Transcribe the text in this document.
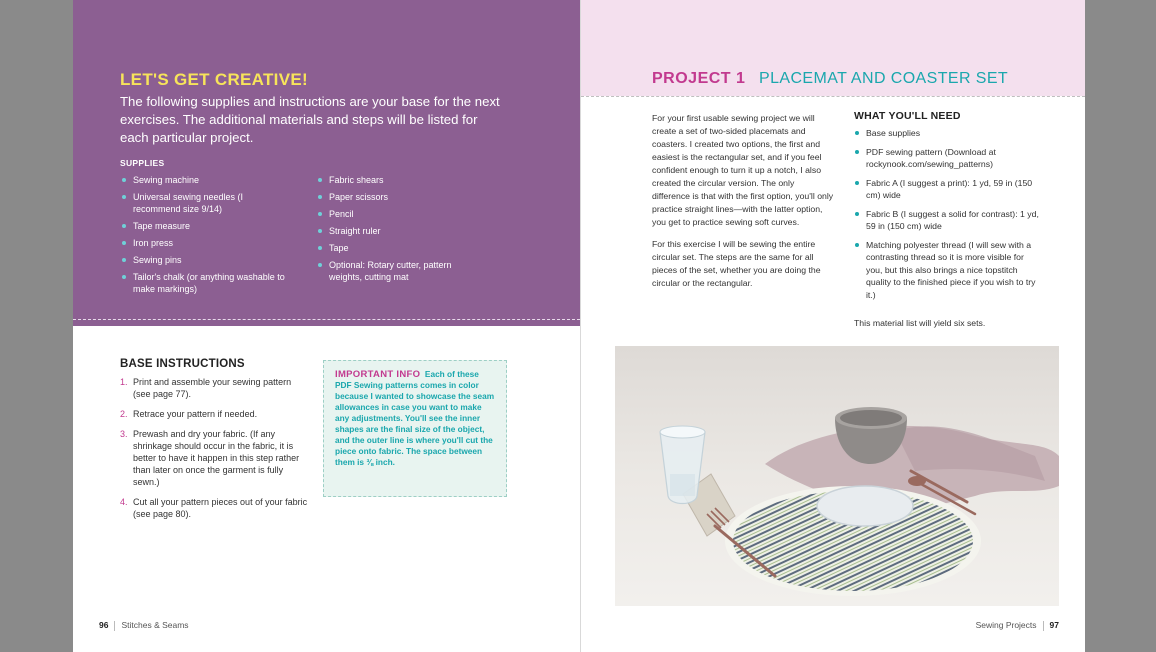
LET'S GET CREATIVE!
The following supplies and instructions are your base for the next exercises. The additional materials and steps will be listed for each particular project.
SUPPLIES
Sewing machine
Universal sewing needles (I recommend size 9/14)
Tape measure
Iron press
Sewing pins
Tailor's chalk (or anything washable to make markings)
Fabric shears
Paper scissors
Pencil
Straight ruler
Tape
Optional: Rotary cutter, pattern weights, cutting mat
BASE INSTRUCTIONS
1. Print and assemble your sewing pattern (see page 77).
2. Retrace your pattern if needed.
3. Prewash and dry your fabric. (If any shrinkage should occur in the fabric, it is better to have it happen in this step rather than later on once the garment is fully sewn.)
4. Cut all your pattern pieces out of your fabric (see page 80).
IMPORTANT INFO Each of these PDF Sewing patterns comes in color because I wanted to showcase the seam allowances in case you want to make any adjustments. You'll see the inner shapes are the final size of the object, and the outer line is where you'll cut the piece onto fabric. The space between them is ⅜ inch.
96 Stitches & Seams
PROJECT 1 PLACEMAT AND COASTER SET
For your first usable sewing project we will create a set of two-sided placemats and coasters. I created two options, the first and easiest is the rectangular set, and if you feel confident enough to turn it up a notch, I also created the circular version. The only difference is that with the first option, you'll only practice straight lines—with the latter option, you get to practice sewing soft curves.
For this exercise I will be sewing the entire circular set. The steps are the same for all pieces of the set, whether you are doing the circular or the rectangular.
WHAT YOU'LL NEED
Base supplies
PDF sewing pattern (Download at rockynook.com/sewing_patterns)
Fabric A (I suggest a print): 1 yd, 59 in (150 cm) wide
Fabric B (I suggest a solid for contrast): 1 yd, 59 in (150 cm) wide
Matching polyester thread (I will sew with a contrasting thread so it is more visible for you, but this also brings a nice topstitch quality to the finished piece if you wish to try it.)
This material list will yield six sets.
Sewing Projects 97
